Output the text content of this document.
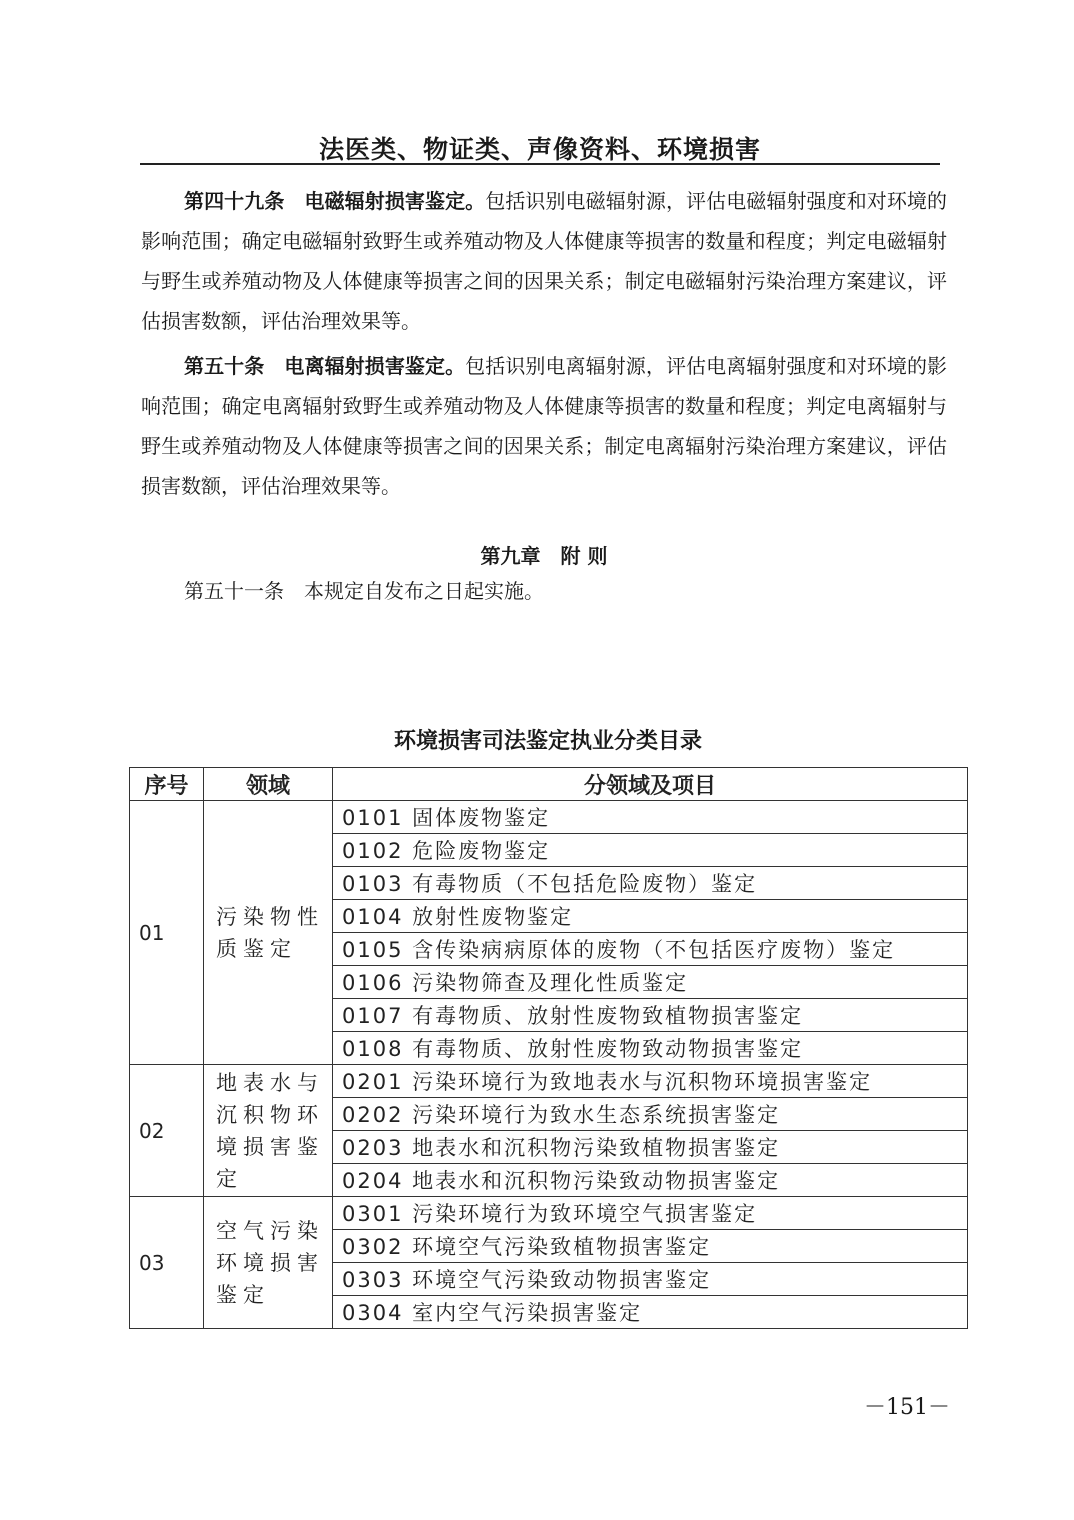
法医类、物证类、声像资料、环境损害

第四十九条　 电磁辐射损害鉴定。包括识别电磁辐射源，评估电磁辐射强度和对环境的影响范围；确定电磁辐射致野生或养殖动物及人体健康等损害的数量和程度；判定电磁辐射与野生或养殖动物及人体健康等损害之间的因果关系；制定电磁辐射污染治理方案建议，评估损害数额，评估治理效果等。

第五十条　 电离辐射损害鉴定。包括识别电离辐射源，评估电离辐射强度和对环境的影响范围；确定电离辐射致野生或养殖动物及人体健康等损害的数量和程度；判定电离辐射与野生或养殖动物及人体健康等损害之间的因果关系；制定电离辐射污染治理方案建议，评估损害数额，评估治理效果等。

第九章　附 则

第五十一条　 本规定自发布之日起实施。

环境损害司法鉴定执业分类目录
序号	领域	分领域及项目
01	污染物性质鉴定	0101 固体废物鉴定
		0102 危险废物鉴定
		0103 有毒物质（不包括危险废物）鉴定
		0104 放射性废物鉴定
		0105 含传染病病原体的废物（不包括医疗废物）鉴定
		0106 污染物筛查及理化性质鉴定
		0107 有毒物质、放射性废物致植物损害鉴定
		0108 有毒物质、放射性废物致动物损害鉴定
02	地表水与沉积物环境损害鉴定	0201 污染环境行为致地表水与沉积物环境损害鉴定
		0202 污染环境行为致水生态系统损害鉴定
		0203 地表水和沉积物污染致植物损害鉴定
		0204 地表水和沉积物污染致动物损害鉴定
03	空气污染环境损害鉴定	0301 污染环境行为致环境空气损害鉴定
		0302 环境空气污染致植物损害鉴定
		0303 环境空气污染致动物损害鉴定
		0304 室内空气污染损害鉴定
－151－
